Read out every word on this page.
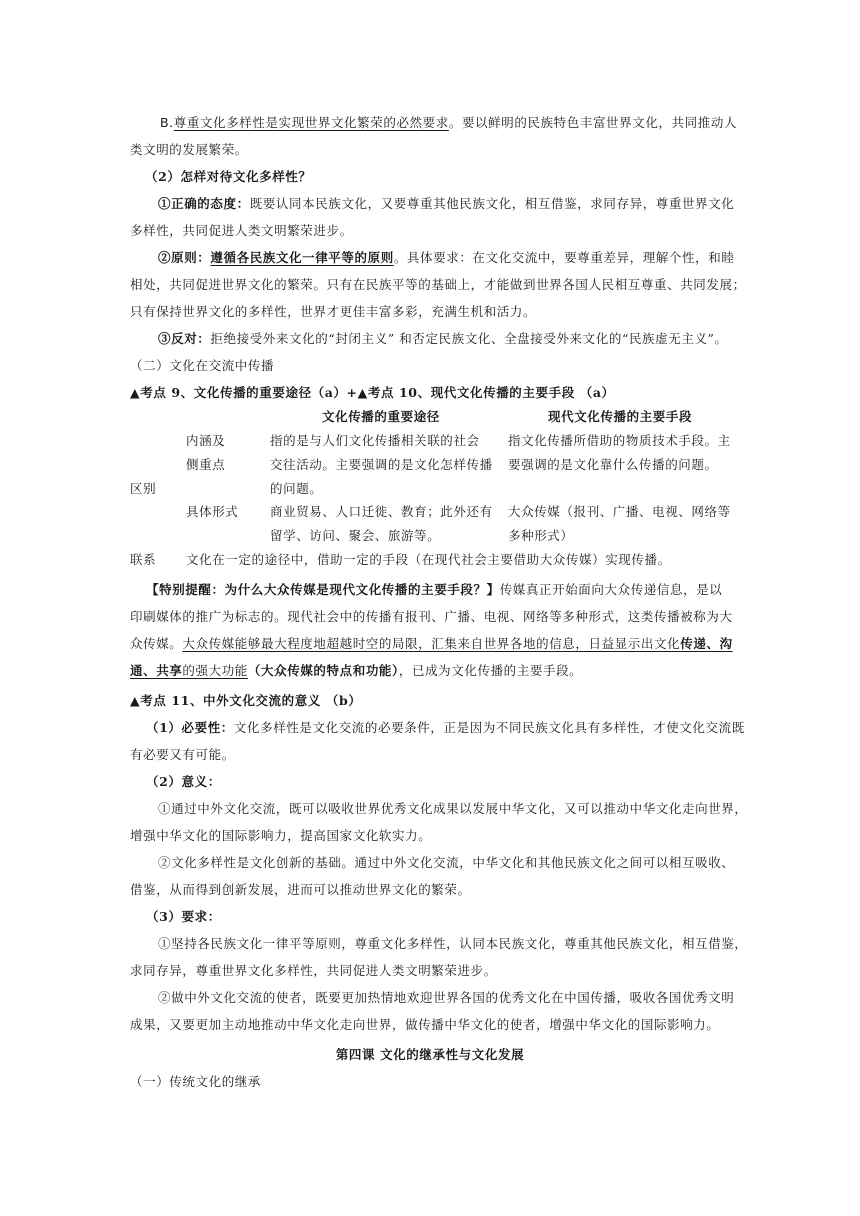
B.尊重文化多样性是实现世界文化繁荣的必然要求。要以鲜明的民族特色丰富世界文化，共同推动人
类文明的发展繁荣。
（2）怎样对待文化多样性？
①正确的态度：既要认同本民族文化，又要尊重其他民族文化，相互借鉴，求同存异，尊重世界文化
多样性，共同促进人类文明繁荣进步。
②原则：遵循各民族文化一律平等的原则。具体要求：在文化交流中，要尊重差异，理解个性，和睦
相处，共同促进世界文化的繁荣。只有在民族平等的基础上，才能做到世界各国人民相互尊重、共同发展；
只有保持世界文化的多样性，世界才更佳丰富多彩，充满生机和活力。
③反对：拒绝接受外来文化的“封闭主义” 和否定民族文化、全盘接受外来文化的“民族虚无主义”。
（二）文化在交流中传播
▲考点 9、文化传播的重要途径（a）+▲考点 10、现代文化传播的主要手段 （a）
文化传播的重要途径	现代文化传播的主要手段
内涵及
侧重点
指的是与人们文化传播相关联的社会
交往活动。主要强调的是文化怎样传播
的问题。
指文化传播所借助的物质技术手段。主
要强调的是文化靠什么传播的问题。
区别
具体形式	商业贸易、人口迁徙、教育；此外还有
留学、访问、聚会、旅游等。
大众传媒（报刊、广播、电视、网络等
多种形式）
联系 文化在一定的途径中，借助一定的手段（在现代社会主要借助大众传媒）实现传播。
【特别提醒：为什么大众传媒是现代文化传播的主要手段？】传媒真正开始面向大众传递信息，是以
印刷媒体的推广为标志的。现代社会中的传播有报刊、广播、电视、网络等多种形式，这类传播被称为大
众传媒。大众传媒能够最大程度地超越时空的局限，汇集来自世界各地的信息，日益显示出文化传递、沟
通、共享的强大功能（大众传媒的特点和功能），已成为文化传播的主要手段。
▲考点 11、中外文化交流的意义 （b）
（1）必要性：文化多样性是文化交流的必要条件，正是因为不同民族文化具有多样性，才使文化交流既
有必要又有可能。
（2）意义：
①通过中外文化交流，既可以吸收世界优秀文化成果以发展中华文化，又可以推动中华文化走向世界，
增强中华文化的国际影响力，提高国家文化软实力。
②文化多样性是文化创新的基础。通过中外文化交流，中华文化和其他民族文化之间可以相互吸收、
借鉴，从而得到创新发展，进而可以推动世界文化的繁荣。
（3）要求：
①坚持各民族文化一律平等原则，尊重文化多样性，认同本民族文化，尊重其他民族文化，相互借鉴，
求同存异，尊重世界文化多样性，共同促进人类文明繁荣进步。
②做中外文化交流的使者，既要更加热情地欢迎世界各国的优秀文化在中国传播，吸收各国优秀文明
成果，又要更加主动地推动中华文化走向世界，做传播中华文化的使者，增强中华文化的国际影响力。
第四课 文化的继承性与文化发展
（一）传统文化的继承
